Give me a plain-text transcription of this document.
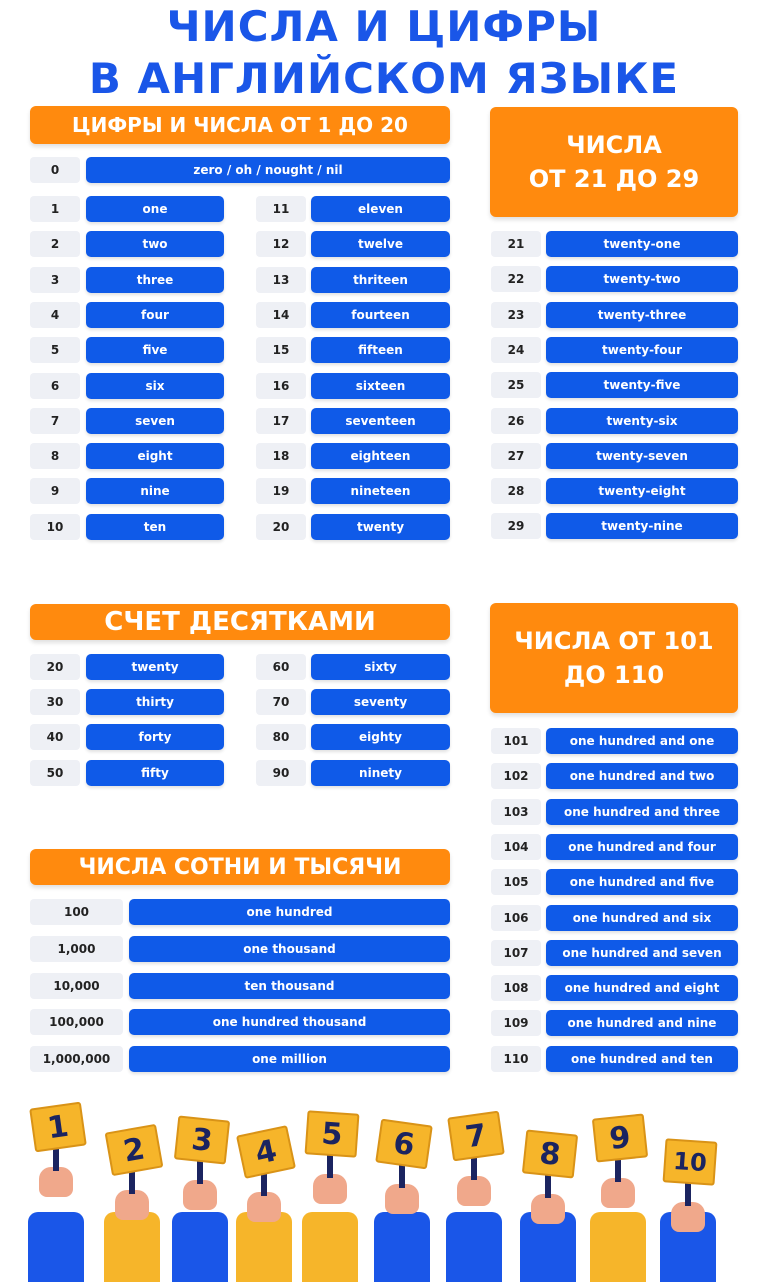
ЧИСЛА И ЦИФРЫ
В АНГЛИЙСКОМ ЯЗЫКЕ
ЦИФРЫ И ЧИСЛА ОТ 1 ДО 20
0	zero / oh / nought / nil
1	one
2	two
3	three
4	four
5	five
6	six
7	seven
8	eight
9	nine
10	ten
11	eleven
12	twelve
13	thriteen
14	fourteen
15	fifteen
16	sixteen
17	seventeen
18	eighteen
19	nineteen
20	twenty
ЧИСЛА
ОТ 21 ДО 29
21	twenty-one
22	twenty-two
23	twenty-three
24	twenty-four
25	twenty-five
26	twenty-six
27	twenty-seven
28	twenty-eight
29	twenty-nine
СЧЕТ ДЕСЯТКАМИ
20	twenty
30	thirty
40	forty
50	fifty
60	sixty
70	seventy
80	eighty
90	ninety
ЧИСЛА ОТ 101
ДО 110
101	one hundred and one
102	one hundred and two
103	one hundred and three
104	one hundred and four
105	one hundred and five
106	one hundred and six
107	one hundred and seven
108	one hundred and eight
109	one hundred and nine
110	one hundred and ten
ЧИСЛА СОТНИ И ТЫСЯЧИ
100	one hundred
1,000	one thousand
10,000	ten thousand
100,000	one hundred thousand
1,000,000	one million
1
2	3	4	5	6	7	8	9
10
